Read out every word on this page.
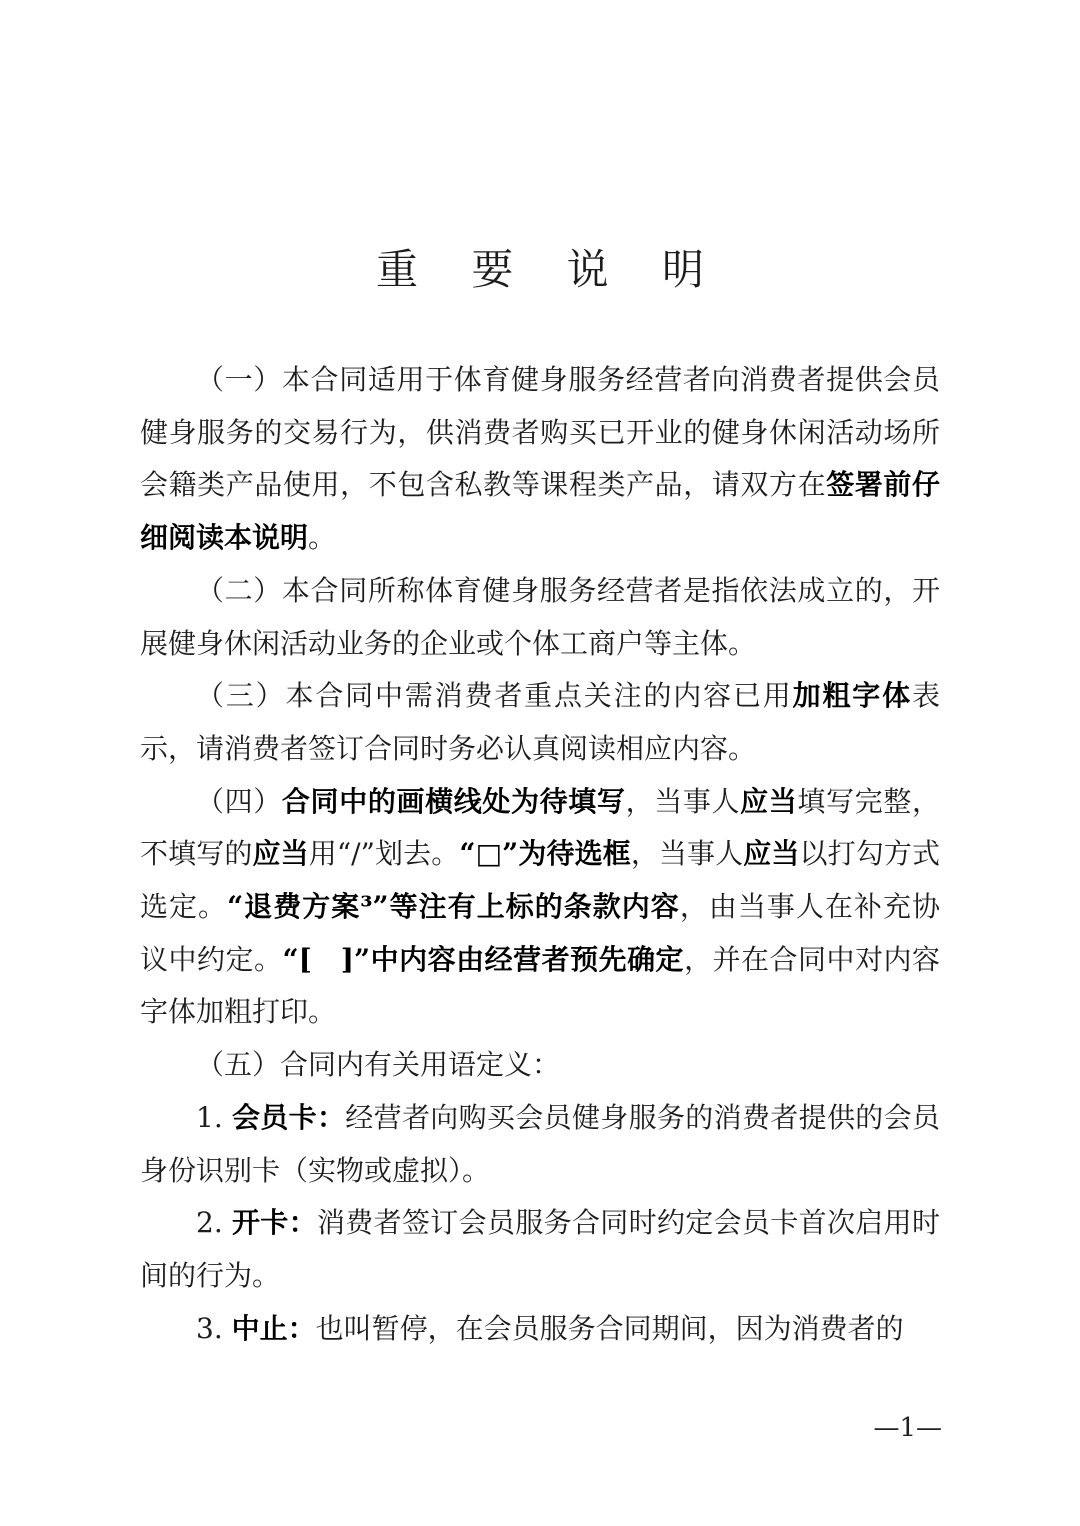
重 要 说 明

（一）本合同适用于体育健身服务经营者向消费者提供会员健身服务的交易行为，供消费者购买已开业的健身休闲活动场所会籍类产品使用，不包含私教等课程类产品，请双方在签署前仔细阅读本说明。

（二）本合同所称体育健身服务经营者是指依法成立的，开展健身休闲活动业务的企业或个体工商户等主体。

（三）本合同中需消费者重点关注的内容已用加粗字体表示，请消费者签订合同时务必认真阅读相应内容。

（四）合同中的画横线处为待填写，当事人应当填写完整，不填写的应当用“/”划去。“□”为待选框，当事人应当以打勾方式选定。“退费方案³”等注有上标的条款内容，由当事人在补充协议中约定。“[　]”中内容由经营者预先确定，并在合同中对内容字体加粗打印。

（五）合同内有关用语定义：

1. 会员卡：经营者向购买会员健身服务的消费者提供的会员身份识别卡（实物或虚拟）。

2. 开卡：消费者签订会员服务合同时约定会员卡首次启用时间的行为。

3. 中止：也叫暂停，在会员服务合同期间，因为消费者的

—1—
